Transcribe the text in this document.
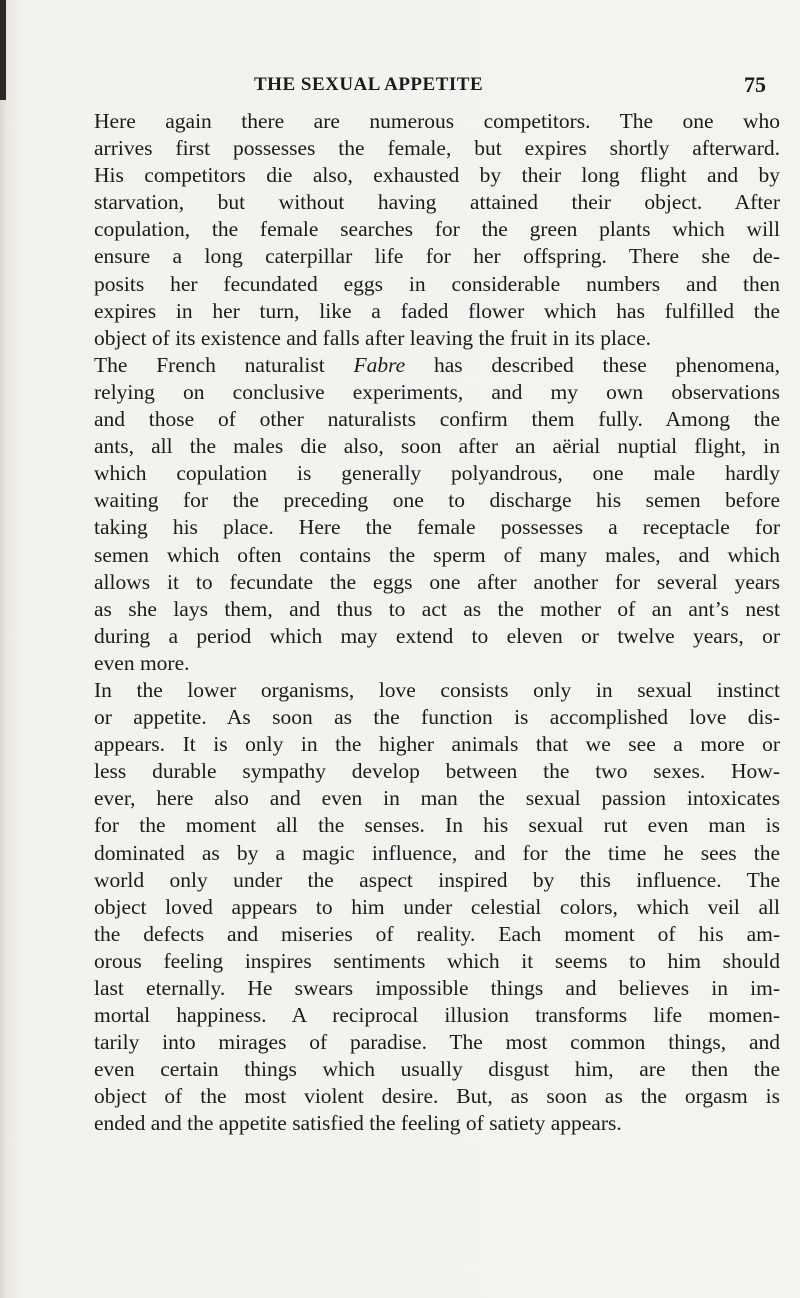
THE SEXUAL APPETITE	75
Here again there are numerous competitors. The one who
arrives first possesses the female, but expires shortly afterward.
His competitors die also, exhausted by their long flight and by
starvation, but without having attained their object. After
copulation, the female searches for the green plants which will
ensure a long caterpillar life for her offspring. There she de-
posits her fecundated eggs in considerable numbers and then
expires in her turn, like a faded flower which has fulfilled the
object of its existence and falls after leaving the fruit in its place.
The French naturalist Fabre has described these phenomena,
relying on conclusive experiments, and my own observations
and those of other naturalists confirm them fully. Among the
ants, all the males die also, soon after an aërial nuptial flight, in
which copulation is generally polyandrous, one male hardly
waiting for the preceding one to discharge his semen before
taking his place. Here the female possesses a receptacle for
semen which often contains the sperm of many males, and which
allows it to fecundate the eggs one after another for several years
as she lays them, and thus to act as the mother of an ant’s nest
during a period which may extend to eleven or twelve years, or
even more.
In the lower organisms, love consists only in sexual instinct
or appetite. As soon as the function is accomplished love dis-
appears. It is only in the higher animals that we see a more or
less durable sympathy develop between the two sexes. How-
ever, here also and even in man the sexual passion intoxicates
for the moment all the senses. In his sexual rut even man is
dominated as by a magic influence, and for the time he sees the
world only under the aspect inspired by this influence. The
object loved appears to him under celestial colors, which veil all
the defects and miseries of reality. Each moment of his am-
orous feeling inspires sentiments which it seems to him should
last eternally. He swears impossible things and believes in im-
mortal happiness. A reciprocal illusion transforms life momen-
tarily into mirages of paradise. The most common things, and
even certain things which usually disgust him, are then the
object of the most violent desire. But, as soon as the orgasm is
ended and the appetite satisfied the feeling of satiety appears.
